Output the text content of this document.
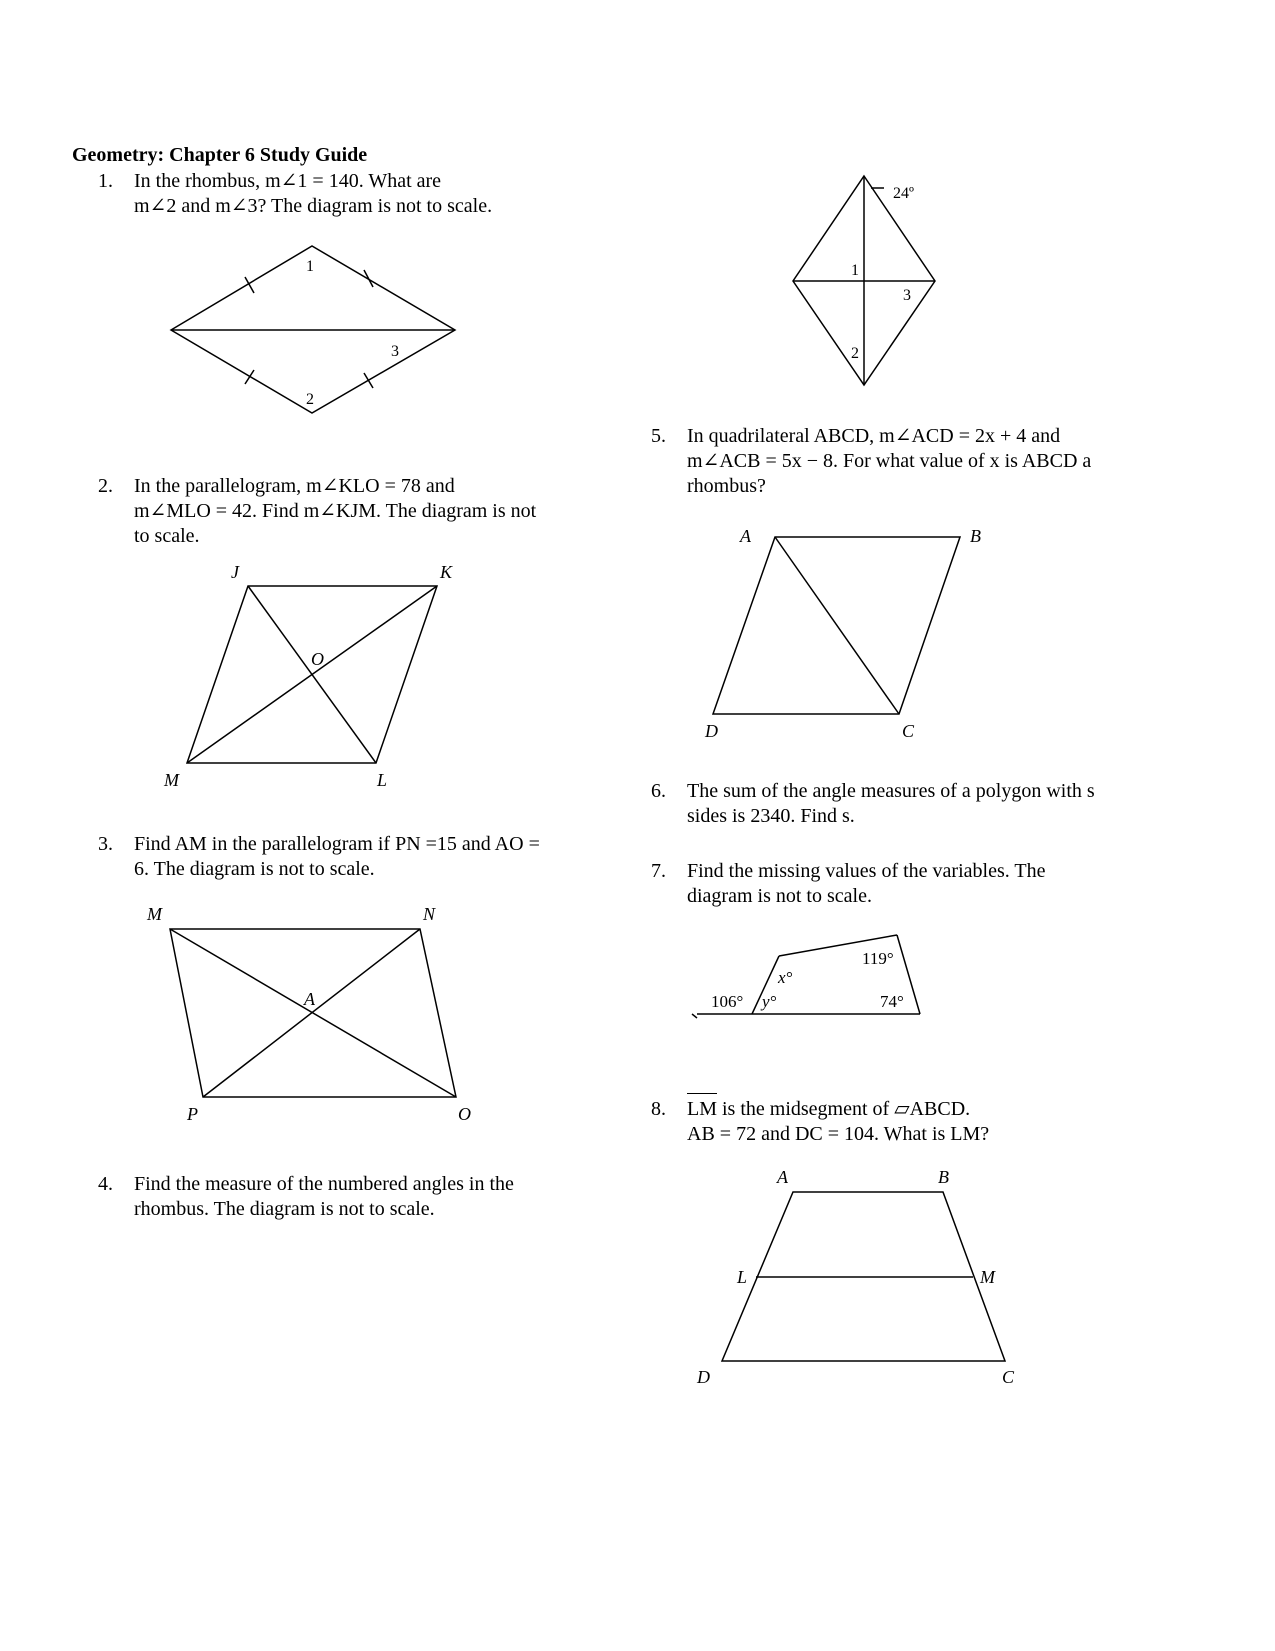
Geometry: Chapter 6 Study Guide
1. In the rhombus, m∠1 = 140. What are
m∠2 and m∠3? The diagram is not to scale.
2. In the parallelogram, m∠KLO = 78 and
m∠MLO = 42. Find m∠KJM. The diagram is not
to scale.
3. Find AM in the parallelogram if PN =15 and AO =
6. The diagram is not to scale.
4. Find the measure of the numbered angles in the
rhombus. The diagram is not to scale.
5. In quadrilateral ABCD, m∠ACD = 2x + 4 and
m∠ACB = 5x − 8. For what value of x is ABCD a
rhombus?
6. The sum of the angle measures of a polygon with s
sides is 2340. Find s.
7. Find the missing values of the variables. The
diagram is not to scale.
8. LM is the midsegment of ▱ABCD.
AB = 72 and DC = 104. What is LM?
1
3
2
J	K
O
M	L
M	N
A
P	O
24º
1
3
2
A	B
D	C
119°
x°
106° y°	74°
A	B
L	M
D	C
